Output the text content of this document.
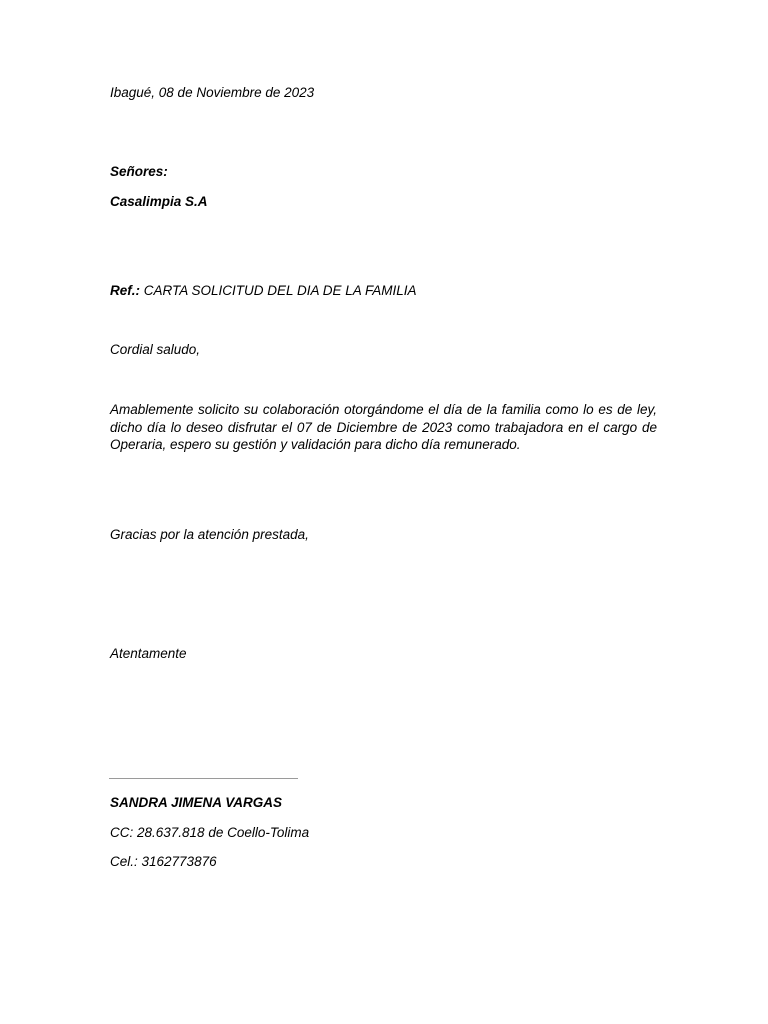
Ibagué, 08 de Noviembre de 2023

Señores:

Casalimpia S.A

Ref.: CARTA SOLICITUD DEL DIA DE LA FAMILIA

Cordial saludo,

Amablemente solicito su colaboración otorgándome el día de la familia como lo es de ley, dicho día lo deseo disfrutar el 07 de Diciembre de 2023 como trabajadora en el cargo de Operaria, espero su gestión y validación para dicho día remunerado.

Gracias por la atención prestada,

Atentamente

SANDRA JIMENA VARGAS

CC: 28.637.818 de Coello-Tolima

Cel.: 3162773876
